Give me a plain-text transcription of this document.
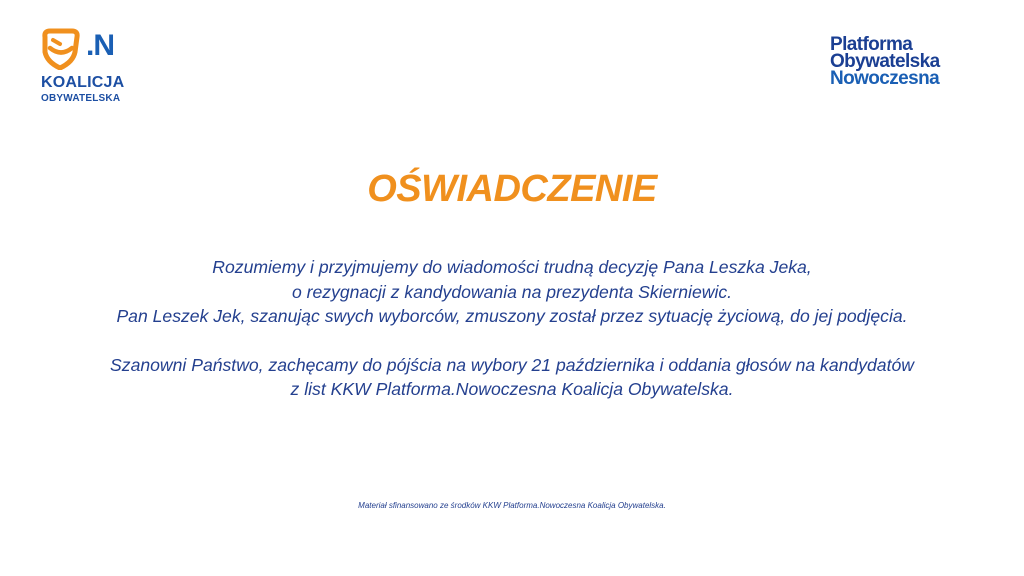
.N
KOALICJA
OBYWATELSKA
Platforma
Obywatelska
Nowoczesna
OŚWIADCZENIE
Rozumiemy i przyjmujemy do wiadomości trudną decyzję Pana Leszka Jeka,
o rezygnacji z kandydowania na prezydenta Skierniewic.
Pan Leszek Jek, szanując swych wyborców, zmuszony został przez sytuację życiową, do jej podjęcia.
Szanowni Państwo, zachęcamy do pójścia na wybory 21 października i oddania głosów na kandydatów
z list KKW Platforma.Nowoczesna Koalicja Obywatelska.
Materiał sfinansowano ze środków KKW Platforma.Nowoczesna Koalicja Obywatelska.
